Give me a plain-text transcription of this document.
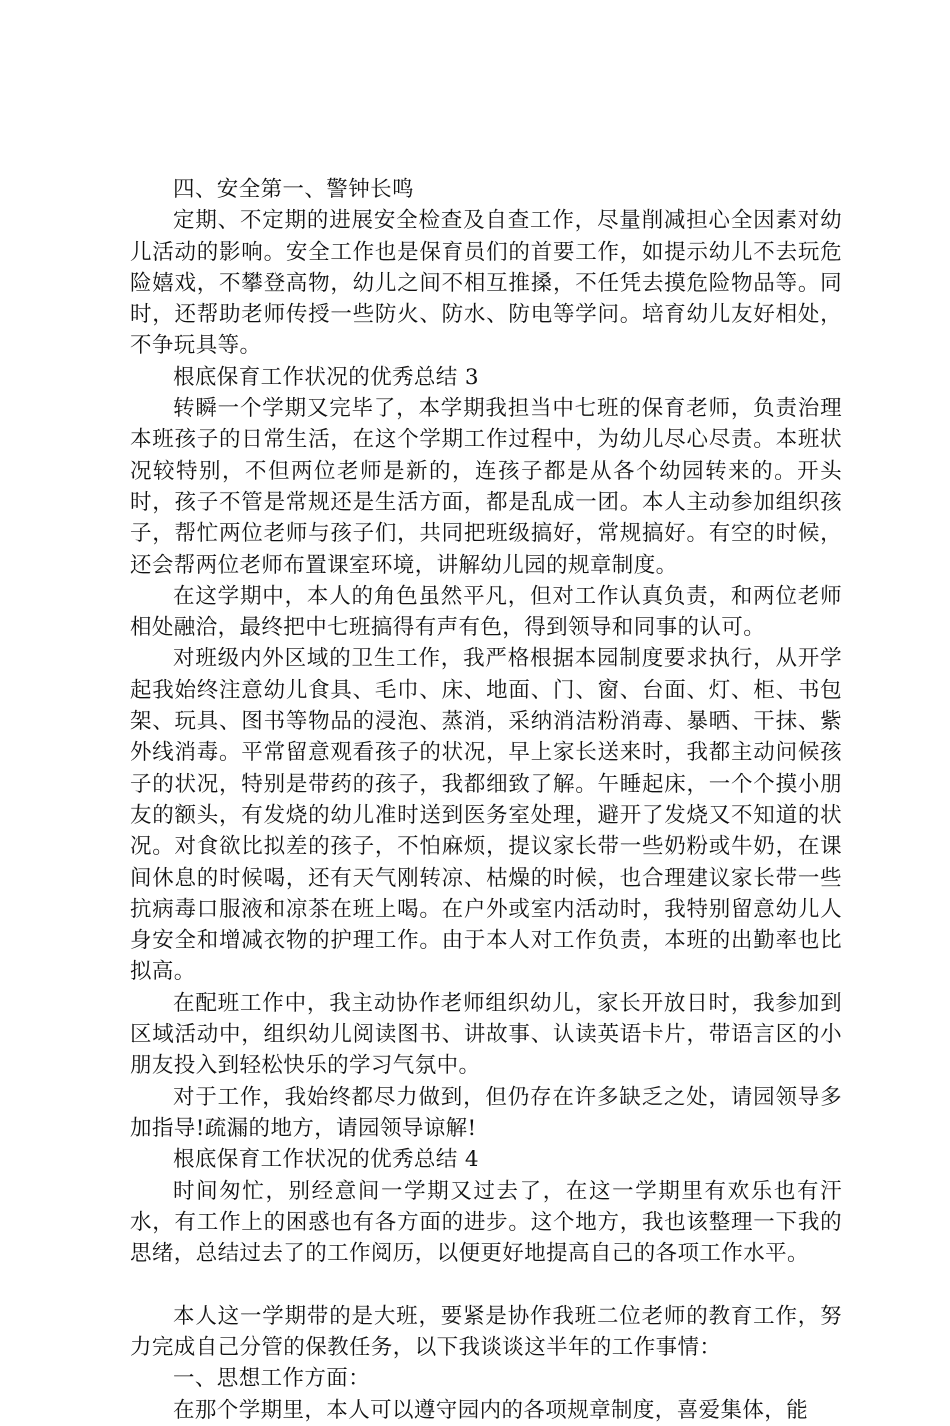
四、安全第一、警钟长鸣

定期、不定期的进展安全检查及自查工作，尽量削减担心全因素对幼儿活动的影响。安全工作也是保育员们的首要工作，如提示幼儿不去玩危险嬉戏，不攀登高物，幼儿之间不相互推搡，不任凭去摸危险物品等。同时，还帮助老师传授一些防火、防水、防电等学问。培育幼儿友好相处，不争玩具等。

根底保育工作状况的优秀总结 3

转瞬一个学期又完毕了，本学期我担当中七班的保育老师，负责治理本班孩子的日常生活，在这个学期工作过程中，为幼儿尽心尽责。本班状况较特别，不但两位老师是新的，连孩子都是从各个幼园转来的。开头时，孩子不管是常规还是生活方面，都是乱成一团。本人主动参加组织孩子，帮忙两位老师与孩子们，共同把班级搞好，常规搞好。有空的时候，还会帮两位老师布置课室环境，讲解幼儿园的规章制度。

在这学期中，本人的角色虽然平凡，但对工作认真负责，和两位老师相处融洽，最终把中七班搞得有声有色，得到领导和同事的认可。

对班级内外区域的卫生工作，我严格根据本园制度要求执行，从开学起我始终注意幼儿食具、毛巾、床、地面、门、窗、台面、灯、柜、书包架、玩具、图书等物品的浸泡、蒸消，采纳消洁粉消毒、暴晒、干抹、紫外线消毒。平常留意观看孩子的状况，早上家长送来时，我都主动问候孩子的状况，特别是带药的孩子，我都细致了解。午睡起床，一个个摸小朋友的额头，有发烧的幼儿准时送到医务室处理，避开了发烧又不知道的状况。对食欲比拟差的孩子，不怕麻烦，提议家长带一些奶粉或牛奶，在课间休息的时候喝，还有天气刚转凉、枯燥的时候，也合理建议家长带一些抗病毒口服液和凉茶在班上喝。在户外或室内活动时，我特别留意幼儿人身安全和增减衣物的护理工作。由于本人对工作负责，本班的出勤率也比拟高。

在配班工作中，我主动协作老师组织幼儿，家长开放日时，我参加到区域活动中，组织幼儿阅读图书、讲故事、认读英语卡片，带语言区的小朋友投入到轻松快乐的学习气氛中。

对于工作，我始终都尽力做到，但仍存在许多缺乏之处，请园领导多加指导!疏漏的地方，请园领导谅解!

根底保育工作状况的优秀总结 4

时间匆忙，别经意间一学期又过去了，在这一学期里有欢乐也有汗水，有工作上的困惑也有各方面的进步。这个地方，我也该整理一下我的思绪，总结过去了的工作阅历，以便更好地提高自己的各项工作水平。

本人这一学期带的是大班，要紧是协作我班二位老师的教育工作，努力完成自己分管的保教任务，以下我谈谈这半年的工作事情：

一、思想工作方面：

在那个学期里，本人可以遵守园内的各项规章制度，喜爱集体，能
